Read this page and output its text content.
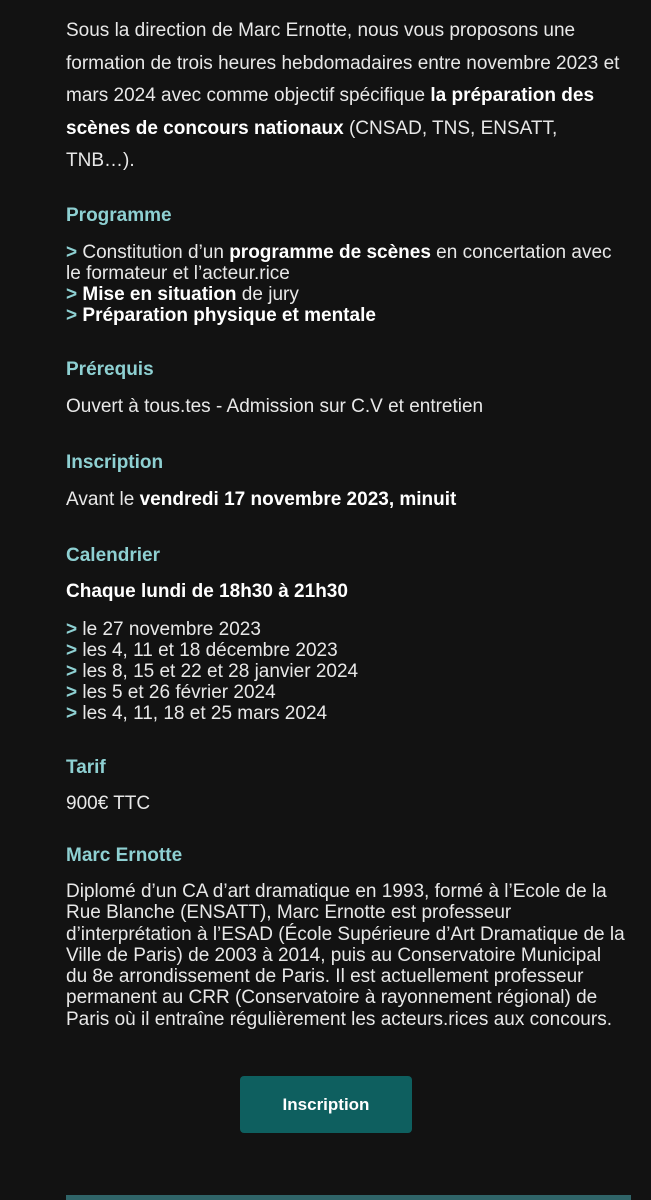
Sous la direction de Marc Ernotte, nous vous proposons une formation de trois heures hebdomadaires entre novembre 2023 et mars 2024 avec comme objectif spécifique la préparation des scènes de concours nationaux (CNSAD, TNS, ENSATT, TNB…).

Programme
> Constitution d’un programme de scènes en concertation avec le formateur et l’acteur.rice
> Mise en situation de jury
> Préparation physique et mentale
Prérequis
Ouvert à tous.tes - Admission sur C.V et entretien
Inscription
Avant le vendredi 17 novembre 2023, minuit
Calendrier
Chaque lundi de 18h30 à 21h30
> le 27 novembre 2023
> les 4, 11 et 18 décembre 2023
> les 8, 15 et 22 et 28 janvier 2024
> les 5 et 26 février 2024
> les 4, 11, 18 et 25 mars 2024
Tarif
900€ TTC
Marc Ernotte
Diplomé d’un CA d’art dramatique en 1993, formé à l’Ecole de la Rue Blanche (ENSATT), Marc Ernotte est professeur d’interprétation à l’ESAD (École Supérieure d’Art Dramatique de la Ville de Paris) de 2003 à 2014, puis au Conservatoire Municipal du 8e arrondissement de Paris. Il est actuellement professeur permanent au CRR (Conservatoire à rayonnement régional) de Paris où il entraîne régulièrement les acteurs.rices aux concours.
Inscription
